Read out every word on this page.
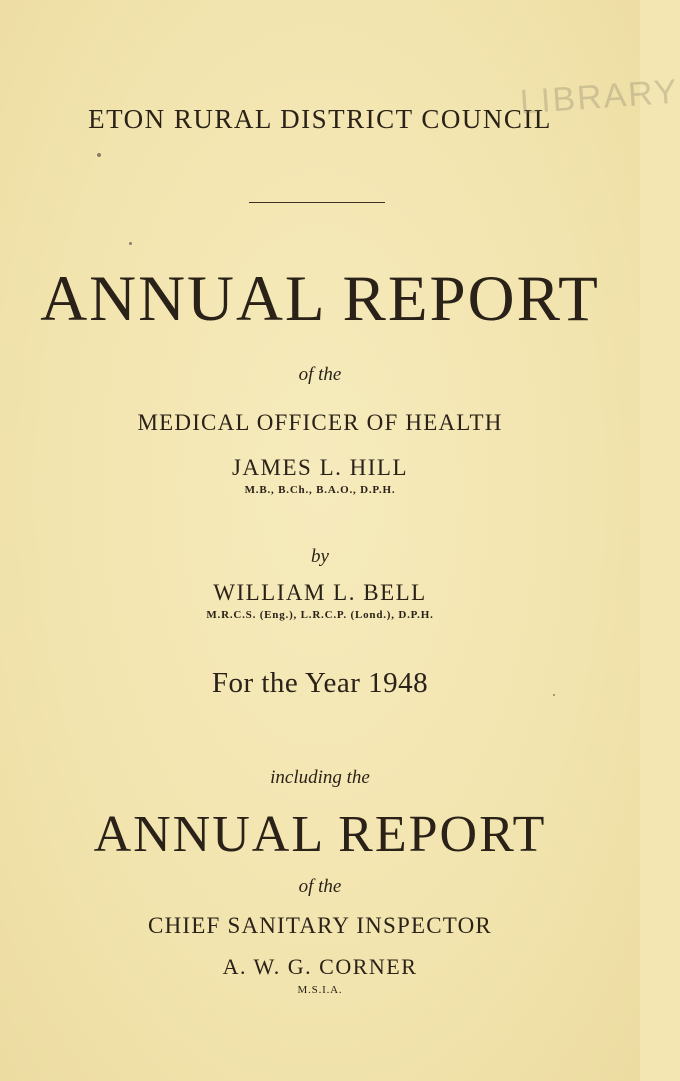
ETON RURAL DISTRICT COUNCIL
LIBRARY
ANNUAL REPORT
of the
MEDICAL OFFICER OF HEALTH
JAMES L. HILL
M.B., B.Ch., B.A.O., D.P.H.
by
WILLIAM L. BELL
M.R.C.S. (Eng.), L.R.C.P. (Lond.), D.P.H.
For the Year 1948
including the
ANNUAL REPORT
of the
CHIEF SANITARY INSPECTOR
A. W. G. CORNER
M.S.I.A.
